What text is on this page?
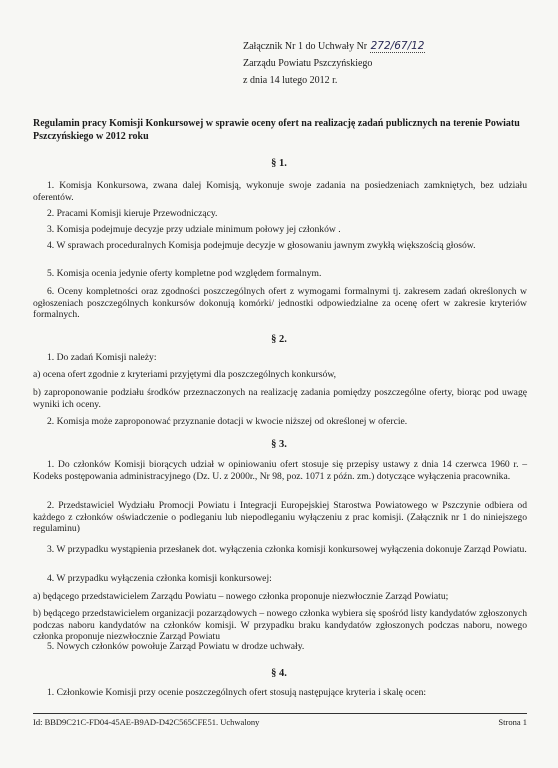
Załącznik Nr 1 do Uchwały Nr 272/67/12
Zarządu Powiatu Pszczyńskiego
z dnia 14 lutego 2012 r.
Regulamin pracy Komisji Konkursowej w sprawie oceny ofert na realizację zadań publicznych na terenie Powiatu Pszczyńskiego w 2012 roku
§ 1.
1. Komisja Konkursowa, zwana dalej Komisją, wykonuje swoje zadania na posiedzeniach zamkniętych, bez udziału oferentów.
2. Pracami Komisji kieruje Przewodniczący.
3. Komisja podejmuje decyzje przy udziale minimum połowy jej członków .
4. W sprawach proceduralnych Komisja podejmuje decyzje w głosowaniu jawnym zwykłą większością głosów.
5. Komisja ocenia jedynie oferty kompletne pod względem formalnym.
6. Oceny kompletności oraz zgodności poszczególnych ofert z wymogami formalnymi tj. zakresem zadań określonych w ogłoszeniach poszczególnych konkursów dokonują komórki/ jednostki odpowiedzialne za ocenę ofert w zakresie kryteriów formalnych.
§ 2.
1. Do zadań Komisji należy:
a) ocena ofert zgodnie z kryteriami przyjętymi dla poszczególnych konkursów,
b) zaproponowanie podziału środków przeznaczonych na realizację zadania pomiędzy poszczególne oferty, biorąc pod uwagę wyniki ich oceny.
2. Komisja może zaproponować przyznanie dotacji w kwocie niższej od określonej w ofercie.
§ 3.
1. Do członków Komisji biorących udział w opiniowaniu ofert stosuje się przepisy ustawy z dnia 14 czerwca 1960 r. – Kodeks postępowania administracyjnego (Dz. U. z 2000r., Nr 98, poz. 1071 z późn. zm.) dotyczące wyłączenia pracownika.
2. Przedstawiciel Wydziału Promocji Powiatu i Integracji Europejskiej Starostwa Powiatowego w Pszczynie odbiera od każdego z członków oświadczenie o podleganiu lub niepodleganiu wyłączeniu z prac komisji. (Załącznik nr 1 do niniejszego regulaminu)
3. W przypadku wystąpienia przesłanek dot. wyłączenia członka komisji konkursowej wyłączenia dokonuje Zarząd Powiatu.
4. W przypadku wyłączenia członka komisji konkursowej:
a) będącego przedstawicielem Zarządu Powiatu – nowego członka proponuje niezwłocznie Zarząd Powiatu;
b) będącego przedstawicielem organizacji pozarządowych – nowego członka wybiera się spośród listy kandydatów zgłoszonych podczas naboru kandydatów na członków komisji. W przypadku braku kandydatów zgłoszonych podczas naboru, nowego członka proponuje niezwłocznie Zarząd Powiatu
5. Nowych członków powołuje Zarząd Powiatu w drodze uchwały.
§ 4.
1. Członkowie Komisji przy ocenie poszczególnych ofert stosują następujące kryteria i skalę ocen:
Id: BBD9C21C-FD04-45AE-B9AD-D42C565CFE51. Uchwalony	Strona 1
